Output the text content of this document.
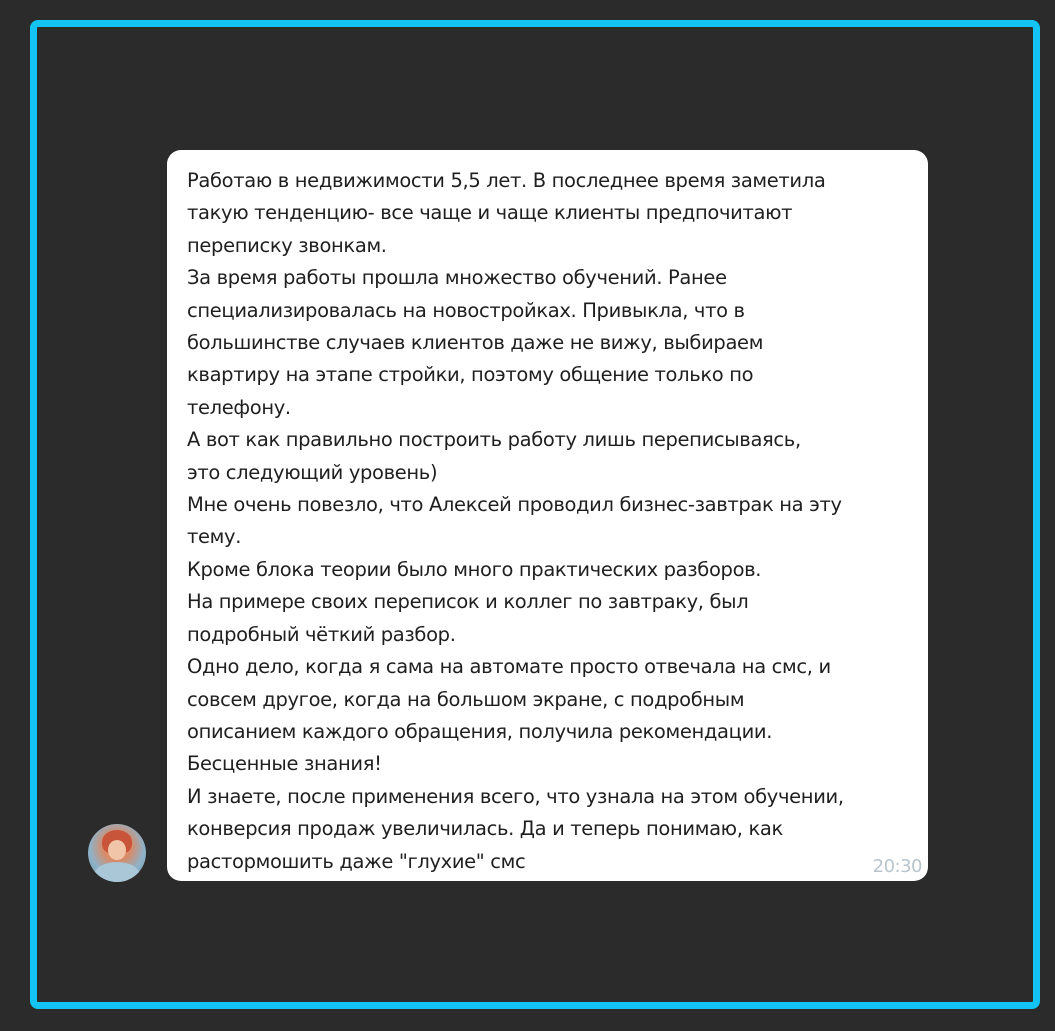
Работаю в недвижимости 5,5 лет. В последнее время заметила
такую тенденцию- все чаще и чаще клиенты предпочитают
переписку звонкам.
За время работы прошла множество обучений. Ранее
специализировалась на новостройках. Привыкла, что в
большинстве случаев клиентов даже не вижу, выбираем
квартиру на этапе стройки, поэтому общение только по
телефону.
А вот как правильно построить работу лишь переписываясь,
это следующий уровень)
Мне очень повезло, что Алексей проводил бизнес-завтрак на эту
тему.
Кроме блока теории было много практических разборов.
На примере своих переписок и коллег по завтраку, был
подробный чёткий разбор.
Одно дело, когда я сама на автомате просто отвечала на смс, и
совсем другое, когда на большом экране, с подробным
описанием каждого обращения, получила рекомендации.
Бесценные знания!
И знаете, после применения всего, что узнала на этом обучении,
конверсия продаж увеличилась. Да и теперь понимаю, как
растормошить даже "глухие" смс	20:30
